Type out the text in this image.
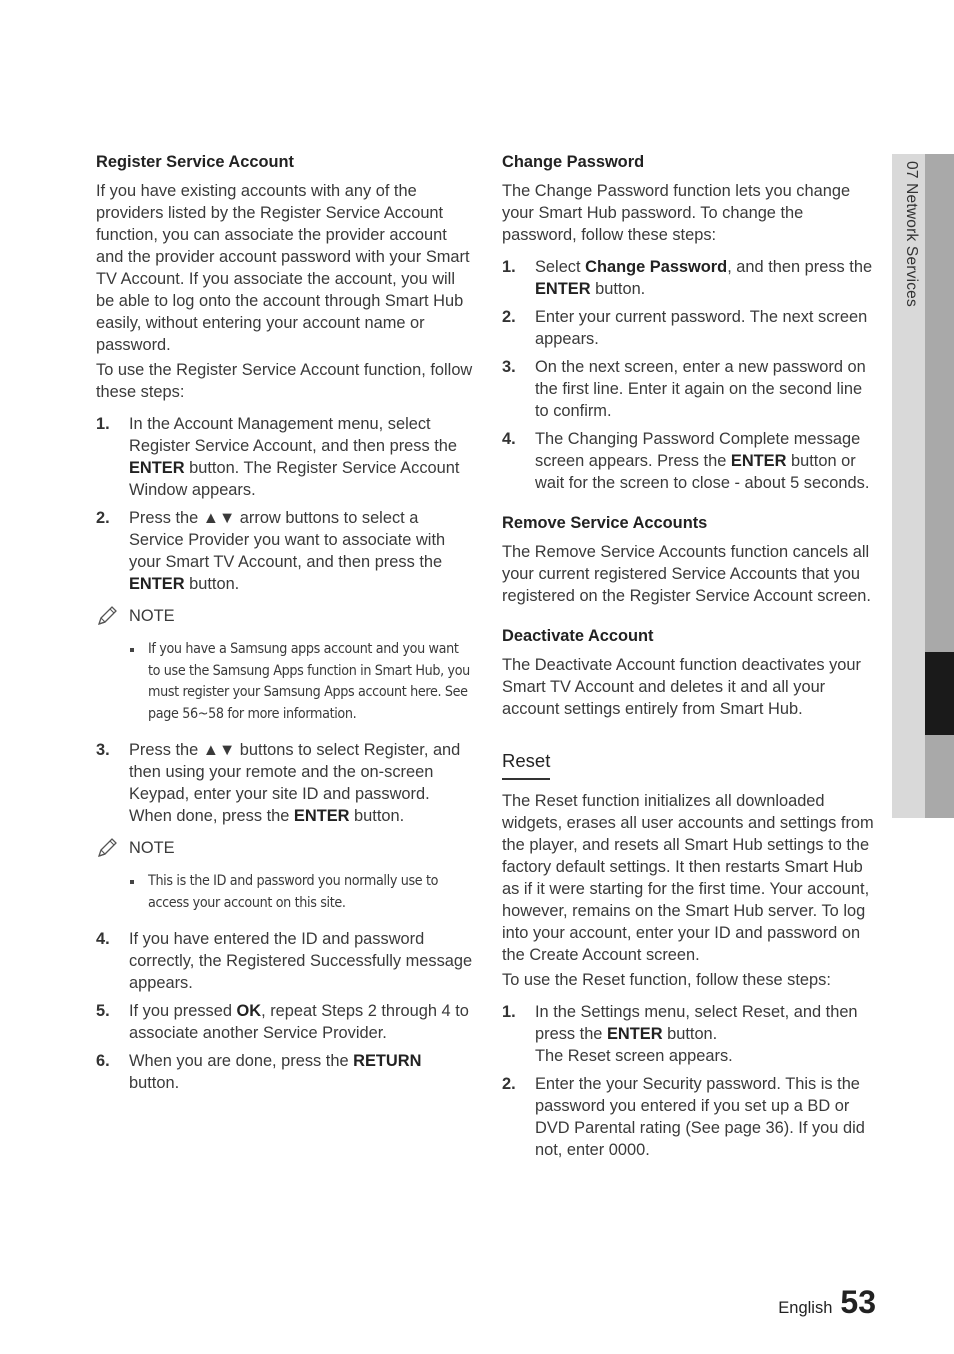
07 Network Services
Register Service Account

If you have existing accounts with any of the providers listed by the Register Service Account function, you can associate the provider account and the provider account password with your Smart TV Account. If you associate the account, you will be able to log onto the account through Smart Hub easily, without entering your account name or password.

To use the Register Service Account function, follow these steps:

1. In the Account Management menu, select Register Service Account, and then press the ENTER button. The Register Service Account Window appears.
2. Press the ▲▼ arrow buttons to select a Service Provider you want to associate with your Smart TV Account, and then press the ENTER button.
NOTE
If you have a Samsung apps account and you want to use the Samsung Apps function in Smart Hub, you must register your Samsung Apps account here. See page 56~58 for more information.
3. Press the ▲▼ buttons to select Register, and then using your remote and the on-screen Keypad, enter your site ID and password. When done, press the ENTER button.
NOTE
This is the ID and password you normally use to access your account on this site.
4. If you have entered the ID and password correctly, the Registered Successfully message appears.
5. If you pressed OK, repeat Steps 2 through 4 to associate another Service Provider.
6. When you are done, press the RETURN button.
Change Password

The Change Password function lets you change your Smart Hub password. To change the password, follow these steps:

1. Select Change Password, and then press the ENTER button.
2. Enter your current password. The next screen appears.
3. On the next screen, enter a new password on the first line. Enter it again on the second line to confirm.
4. The Changing Password Complete message screen appears. Press the ENTER button or wait for the screen to close - about 5 seconds.
Remove Service Accounts

The Remove Service Accounts function cancels all your current registered Service Accounts that you registered on the Register Service Account screen.

Deactivate Account

The Deactivate Account function deactivates your Smart TV Account and deletes it and all your account settings entirely from Smart Hub.

Reset

The Reset function initializes all downloaded widgets, erases all user accounts and settings from the player, and resets all Smart Hub settings to the factory default settings. It then restarts Smart Hub as if it were starting for the first time. Your account, however, remains on the Smart Hub server. To log into your account, enter your ID and password on the Create Account screen.

To use the Reset function, follow these steps:

1. In the Settings menu, select Reset, and then press the ENTER button.
The Reset screen appears.
2. Enter the your Security password. This is the password you entered if you set up a BD or DVD Parental rating (See page 36). If you did not, enter 0000.
English 53
